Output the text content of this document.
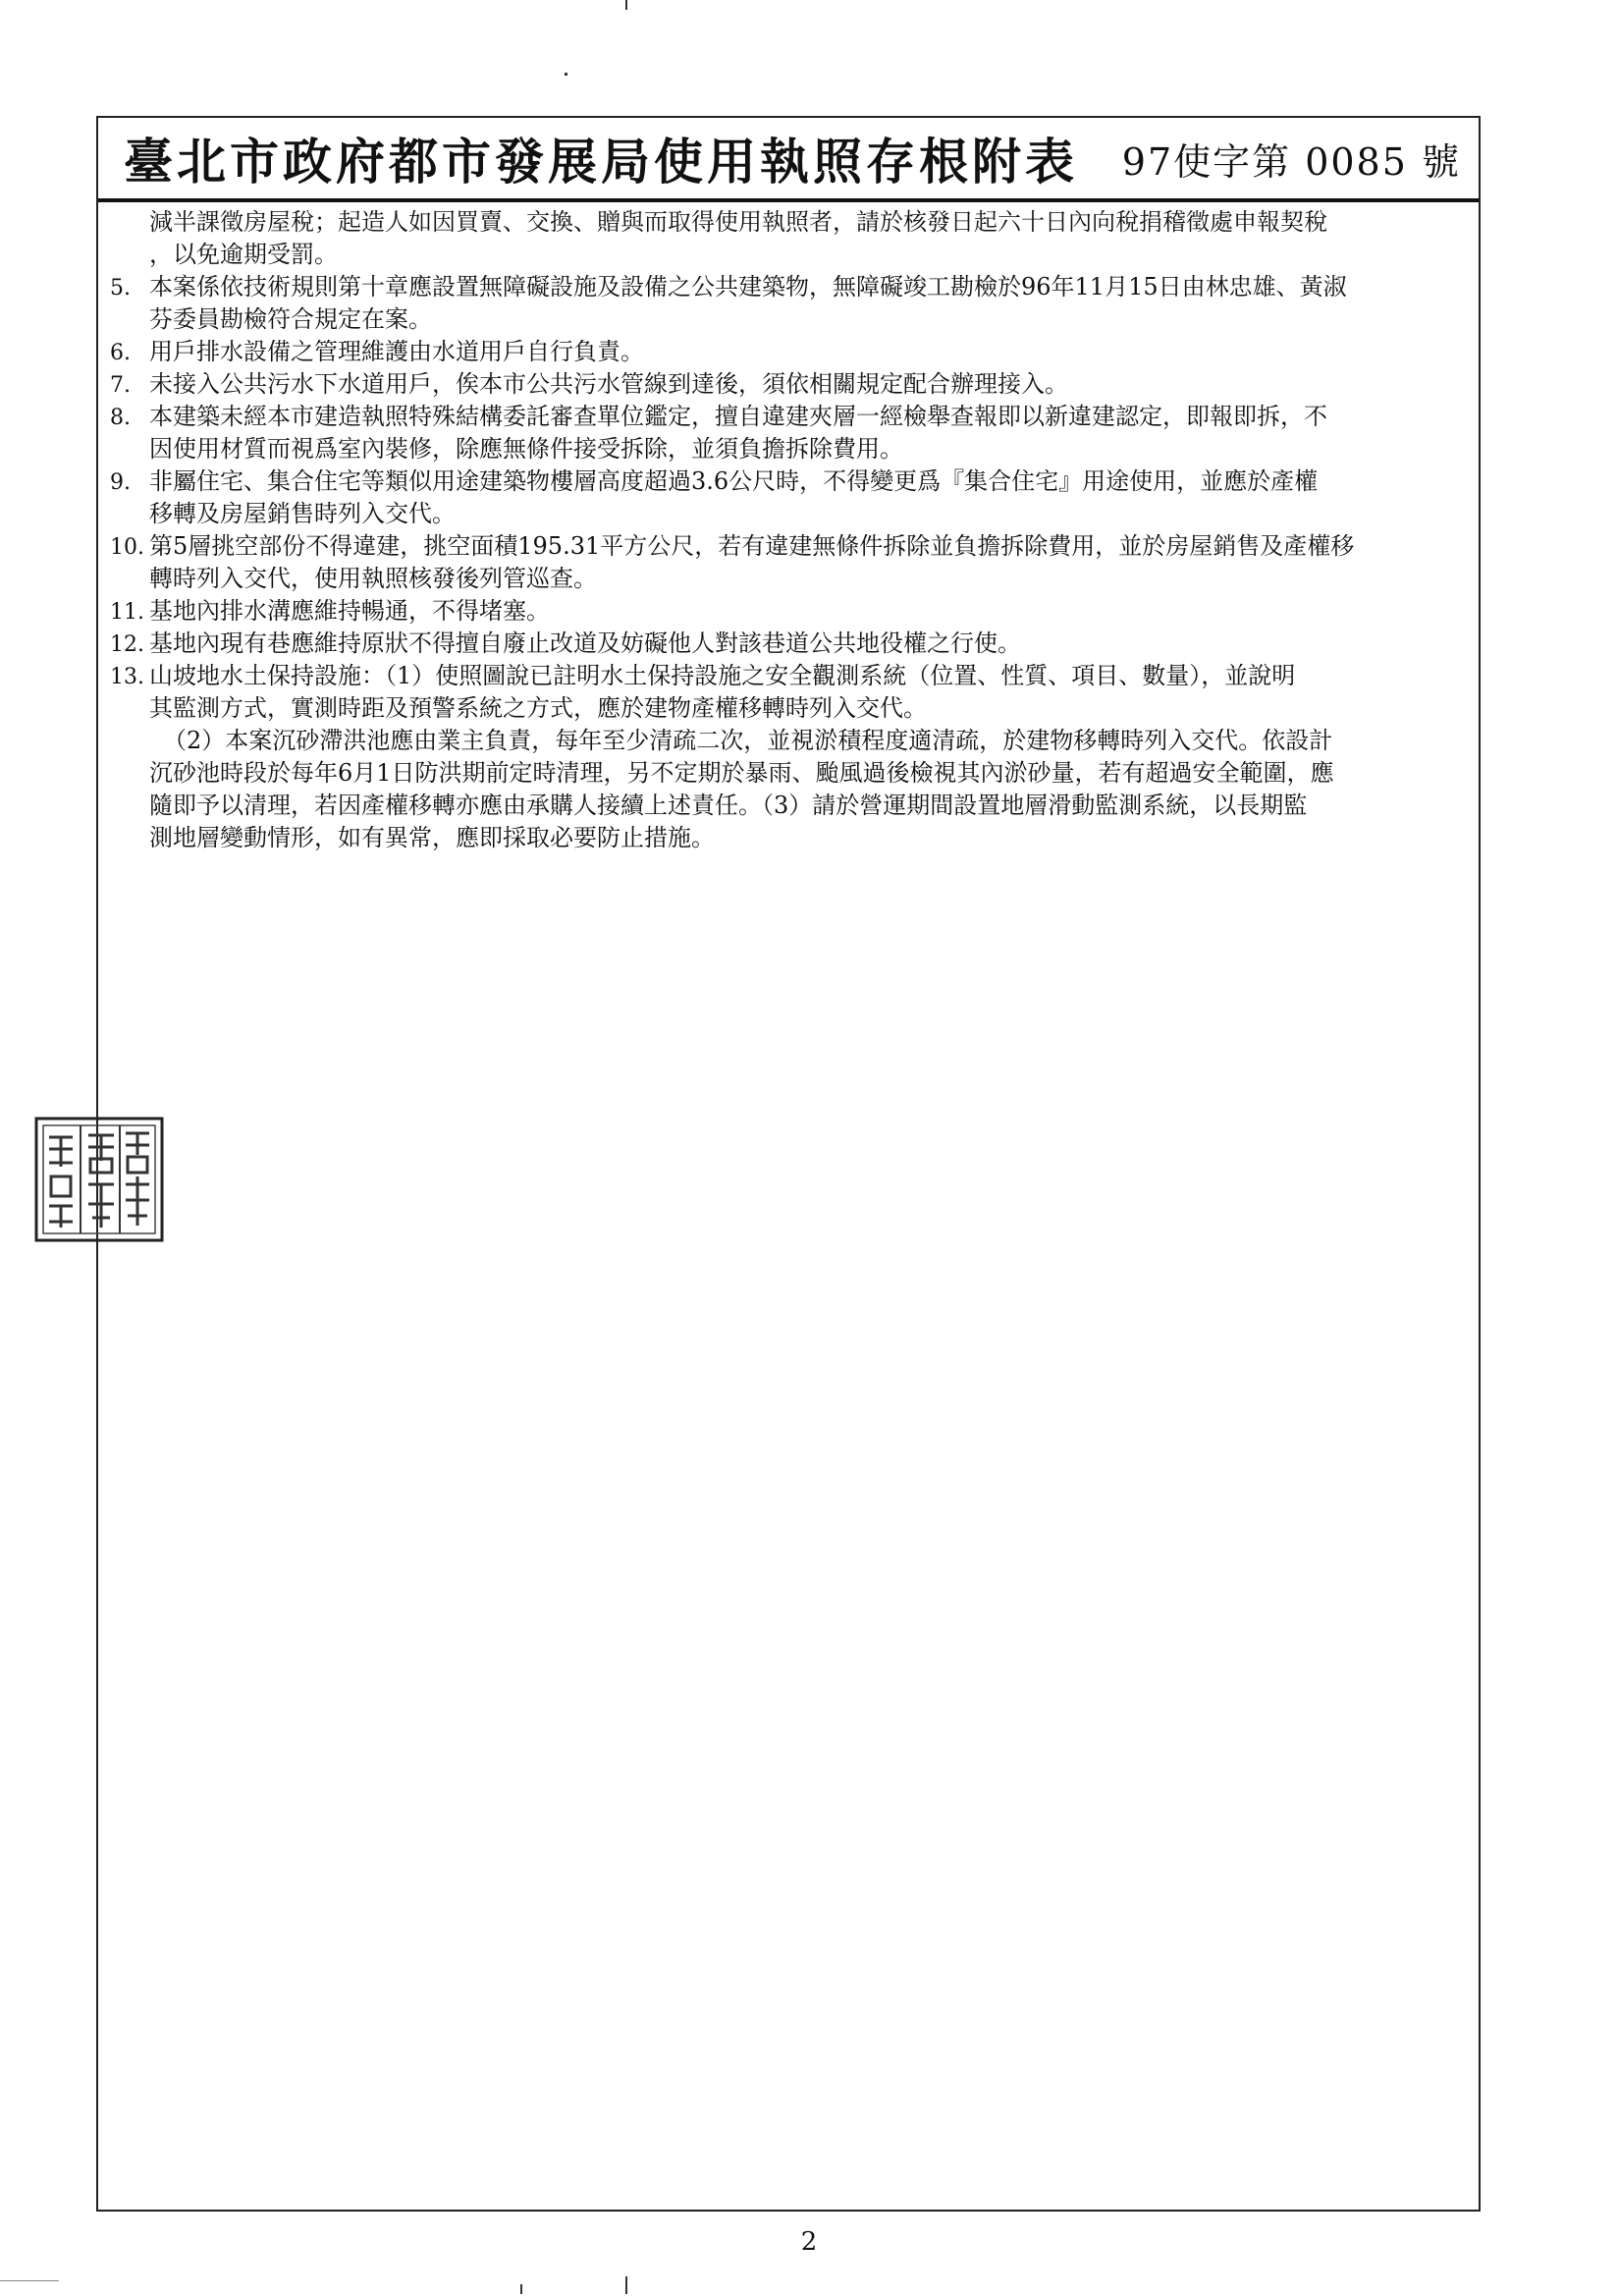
臺北市政府都市發展局使用執照存根附表 97使字第 0085 號
減半課徵房屋稅；起造人如因買賣、交換、贈與而取得使用執照者，請於核發日起六十日內向稅捐稽徵處申報契稅
，以免逾期受罰。
5. 本案係依技術規則第十章應設置無障礙設施及設備之公共建築物，無障礙竣工勘檢於96年11月15日由林忠雄、黃淑
芬委員勘檢符合規定在案。
6. 用戶排水設備之管理維護由水道用戶自行負責。
7. 未接入公共污水下水道用戶，俟本市公共污水管線到達後，須依相關規定配合辦理接入。
8. 本建築未經本市建造執照特殊結構委託審查單位鑑定，擅自違建夾層一經檢舉查報即以新違建認定，即報即拆，不
因使用材質而視爲室內裝修，除應無條件接受拆除，並須負擔拆除費用。
9. 非屬住宅、集合住宅等類似用途建築物樓層高度超過3.6公尺時，不得變更爲『集合住宅』用途使用，並應於產權
移轉及房屋銷售時列入交代。
10. 第5層挑空部份不得違建，挑空面積195.31平方公尺，若有違建無條件拆除並負擔拆除費用，並於房屋銷售及產權移
轉時列入交代，使用執照核發後列管巡查。
11. 基地內排水溝應維持暢通，不得堵塞。
12. 基地內現有巷應維持原狀不得擅自廢止改道及妨礙他人對該巷道公共地役權之行使。
13. 山坡地水土保持設施：（1）使照圖說已註明水土保持設施之安全觀測系統（位置、性質、項目、數量），並說明
其監測方式，實測時距及預警系統之方式，應於建物產權移轉時列入交代。
（2）本案沉砂滯洪池應由業主負責，每年至少清疏二次，並視淤積程度適清疏，於建物移轉時列入交代。依設計
沉砂池時段於每年6月1日防洪期前定時清理，另不定期於暴雨、颱風過後檢視其內淤砂量，若有超過安全範圍，應
隨即予以清理，若因產權移轉亦應由承購人接續上述責任。（3）請於營運期間設置地層滑動監測系統，以長期監
測地層變動情形，如有異常，應即採取必要防止措施。
2
